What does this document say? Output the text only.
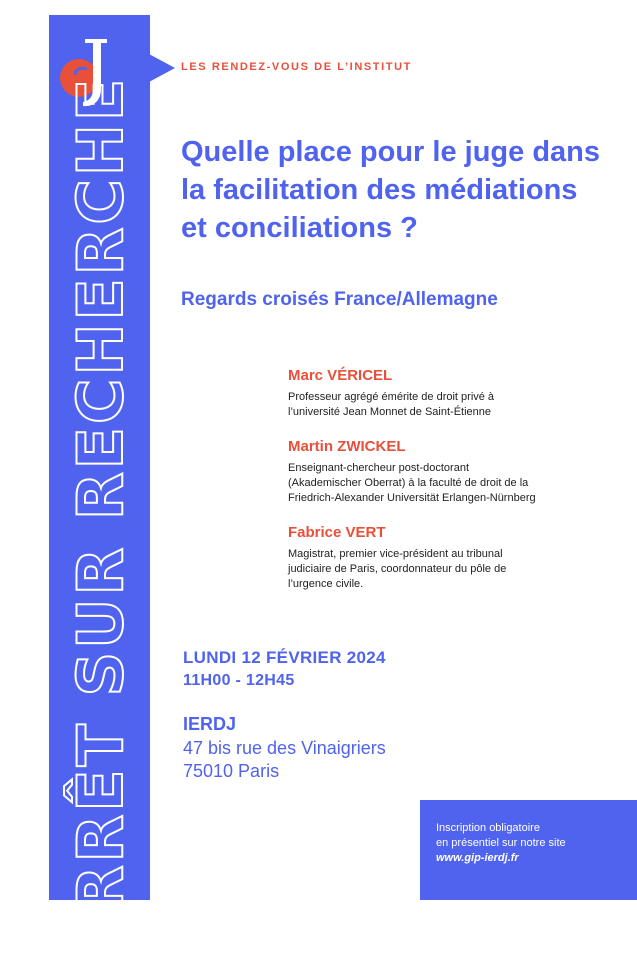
LES RENDEZ-VOUS DE L’INSTITUT
ARRÊT SUR RECHERCHE Quelle place pour le juge dans la facilitation des médiations et conciliations ?

Regards croisés France/Allemagne

Marc VÉRICEL

Professeur agrégé émérite de droit privé à

l’université Jean Monnet de Saint-Étienne

Martin ZWICKEL

Enseignant-chercheur post-doctorant

(Akademischer Oberrat) à la faculté de droit de la

Friedrich-Alexander Universität Erlangen-Nürnberg

Fabrice VERT

Magistrat, premier vice-président au tribunal

judiciaire de Paris, coordonnateur du pôle de

l’urgence civile.

LUNDI 12 FÉVRIER 2024
11H00 - 12H45
IERDJ
47 bis rue des Vinaigriers
75010 Paris
Inscription obligatoire
en présentiel sur notre site
www.gip-ierdj.fr
